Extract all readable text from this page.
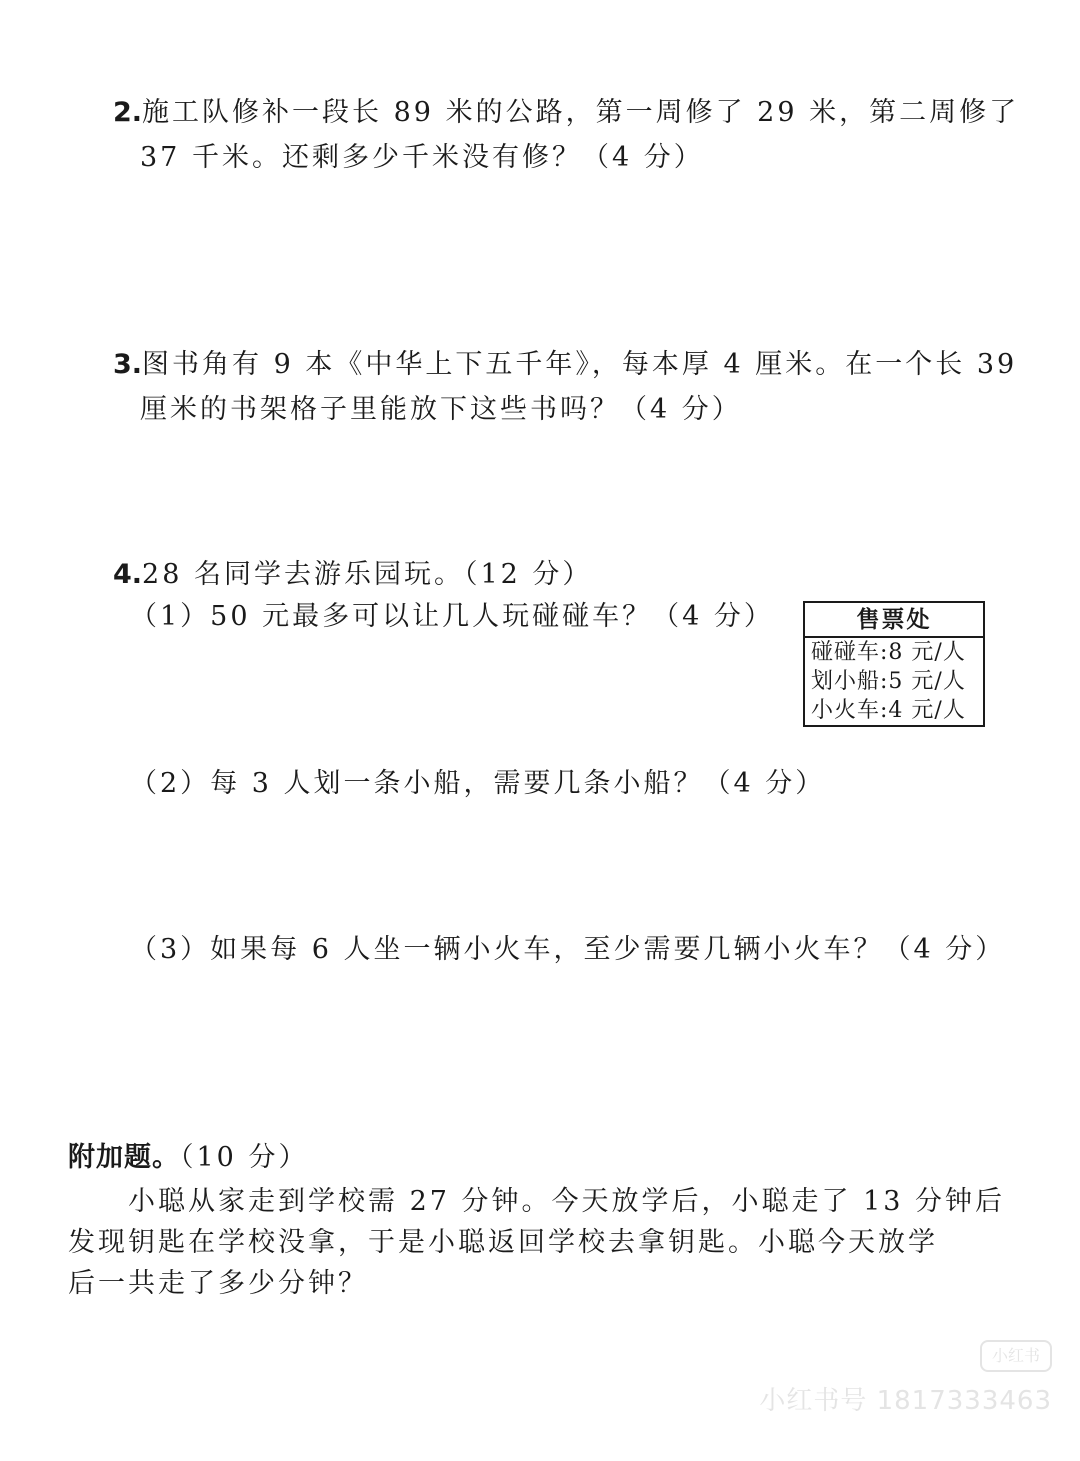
2.施工队修补一段长 89 米的公路，第一周修了 29 米，第二周修了
37 千米。还剩多少千米没有修？（4 分）
3.图书角有 9 本《中华上下五千年》，每本厚 4 厘米。在一个长 39
厘米的书架格子里能放下这些书吗？（4 分）
4.28 名同学去游乐园玩。（12 分）
（1）50 元最多可以让几人玩碰碰车？（4 分）	售票处
碰碰车:8 元/人
划小船:5 元/人
小火车:4 元/人
（2）每 3 人划一条小船，需要几条小船？（4 分）
（3）如果每 6 人坐一辆小火车，至少需要几辆小火车？（4 分）
附加题。（10 分）
小聪从家走到学校需 27 分钟。今天放学后，小聪走了 13 分钟后
发现钥匙在学校没拿，于是小聪返回学校去拿钥匙。小聪今天放学
后一共走了多少分钟？
小红书
小红书号 1817333463
